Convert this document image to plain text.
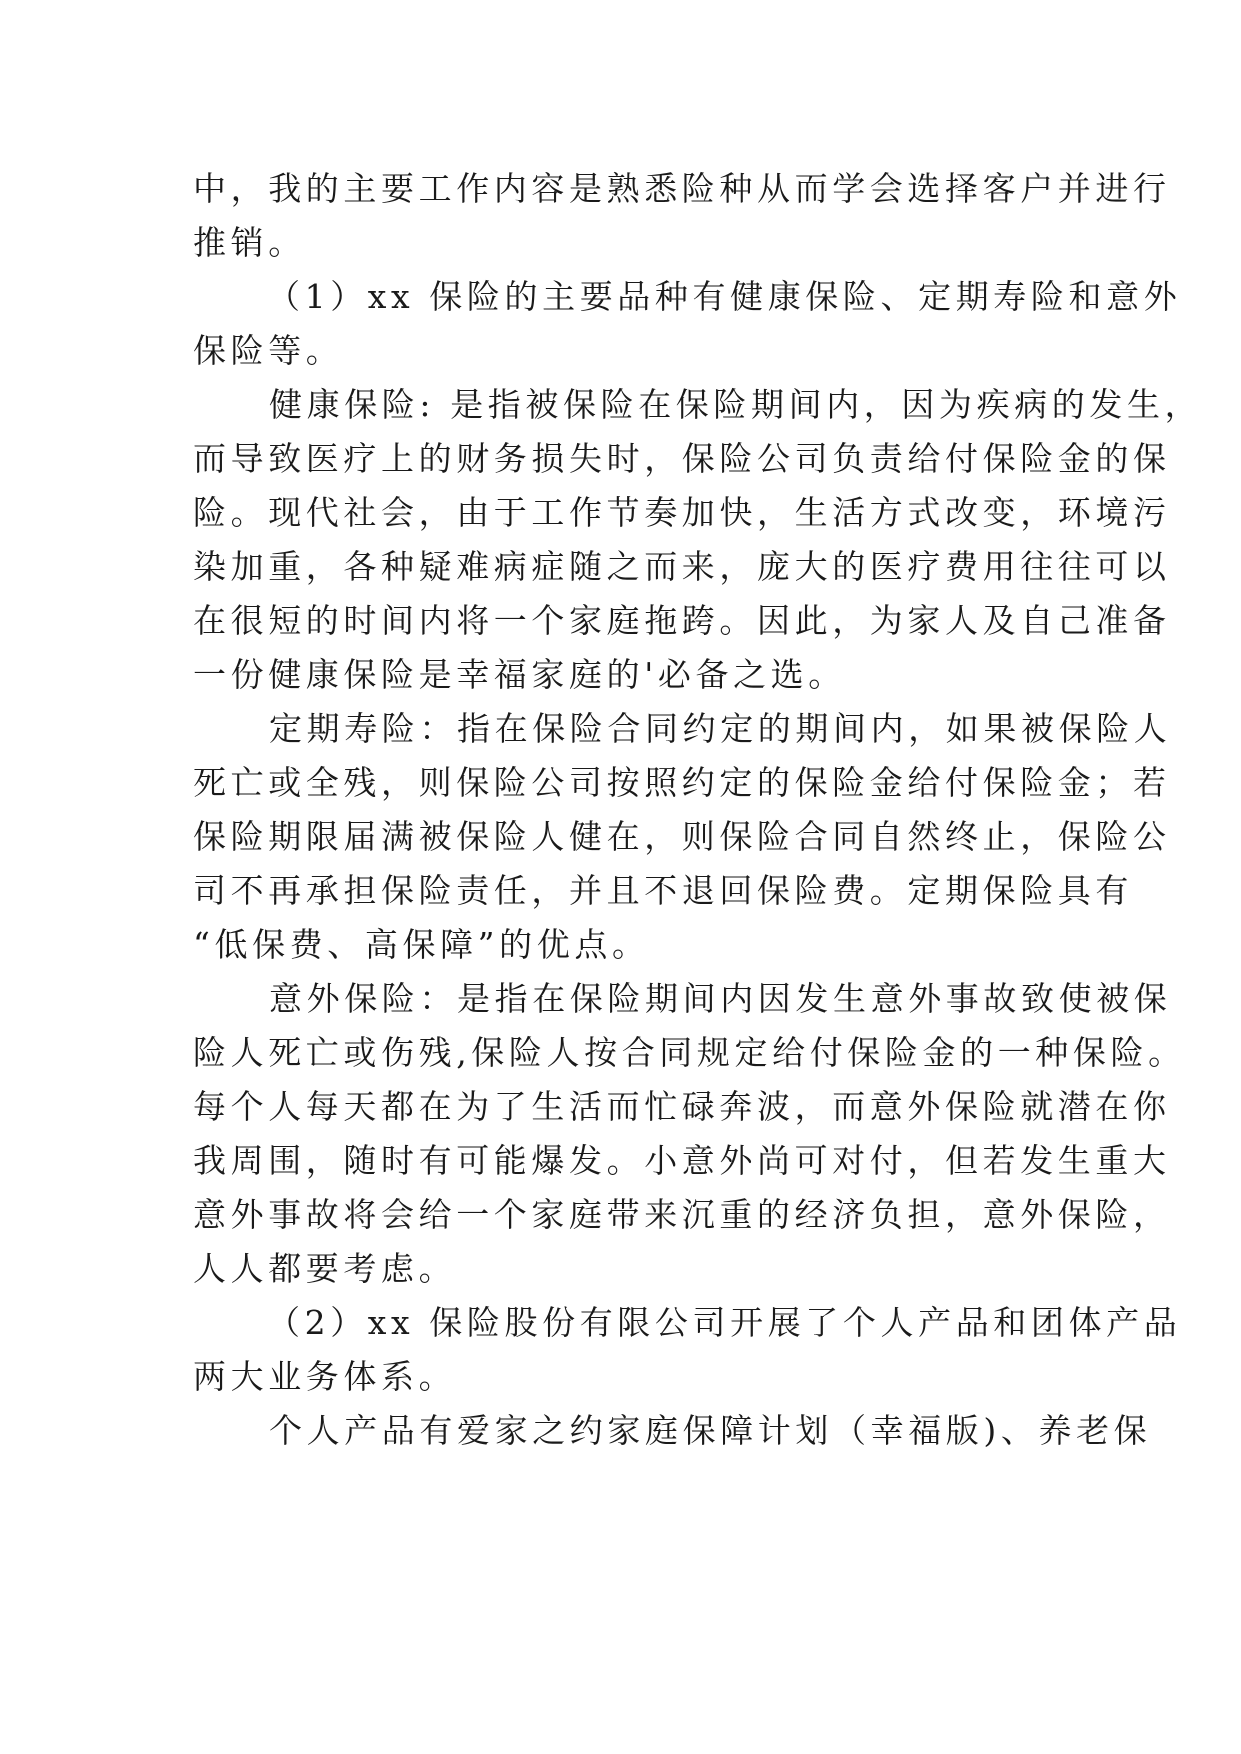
中，我的主要工作内容是熟悉险种从而学会选择客户并进行
推销。
（1）xx 保险的主要品种有健康保险、定期寿险和意外
保险等。
健康保险: 是指被保险在保险期间内，因为疾病的发生，
而导致医疗上的财务损失时，保险公司负责给付保险金的保
险。现代社会，由于工作节奏加快，生活方式改变，环境污
染加重，各种疑难病症随之而来，庞大的医疗费用往往可以
在很短的时间内将一个家庭拖跨。因此，为家人及自己准备
一份健康保险是幸福家庭的'必备之选。
定期寿险：指在保险合同约定的期间内，如果被保险人
死亡或全残，则保险公司按照约定的保险金给付保险金；若
保险期限届满被保险人健在，则保险合同自然终止，保险公
司不再承担保险责任，并且不退回保险费。定期保险具有
“低保费、高保障”的优点。
意外保险：是指在保险期间内因发生意外事故致使被保
险人死亡或伤残,保险人按合同规定给付保险金的一种保险。
每个人每天都在为了生活而忙碌奔波，而意外保险就潜在你
我周围，随时有可能爆发。小意外尚可对付，但若发生重大
意外事故将会给一个家庭带来沉重的经济负担，意外保险，
人人都要考虑。
（2）xx 保险股份有限公司开展了个人产品和团体产品
两大业务体系。
个人产品有爱家之约家庭保障计划（幸福版)、养老保
